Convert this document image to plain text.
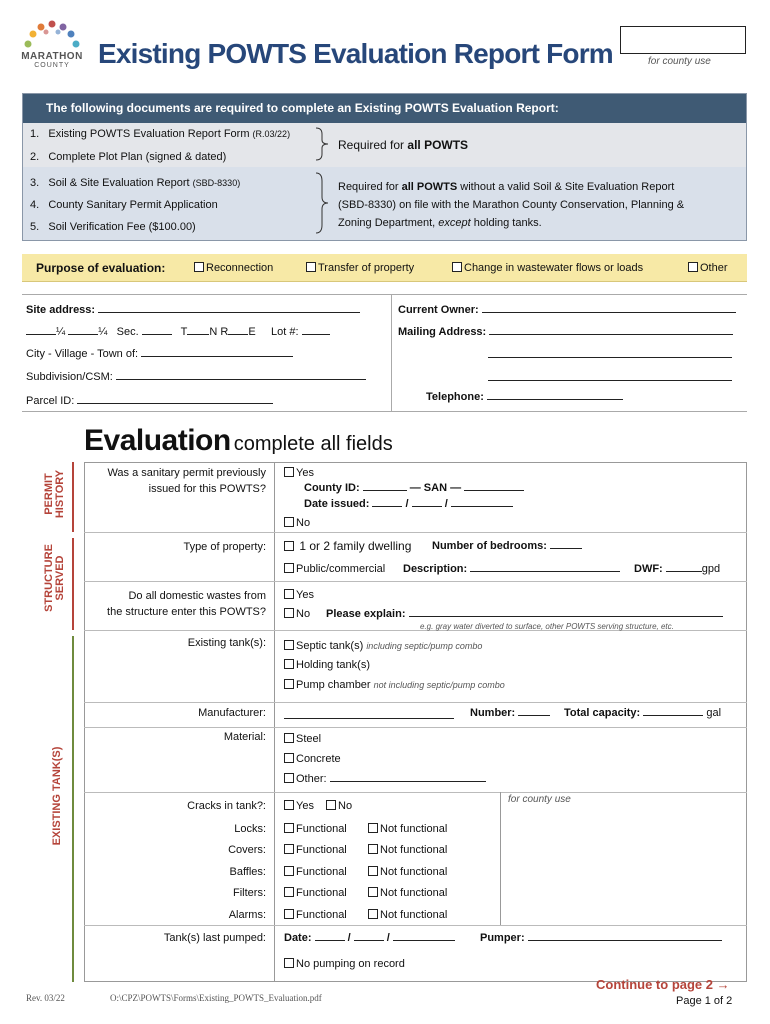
MARATHON
COUNTY	Existing POWTS Evaluation Report Form	for county use
The following documents are required to complete an Existing POWTS Evaluation Report:
1. Existing POWTS Evaluation Report Form (R.03/22)
2. Complete Plot Plan (signed & dated)
3. Soil & Site Evaluation Report (SBD-8330)
4. County Sanitary Permit Application
5. Soil Verification Fee ($100.00)
Required for all POWTS
Required for all POWTS without a valid Soil & Site Evaluation Report
(SBD-8330) on file with the Marathon County Conservation, Planning &
Zoning Department, except holding tanks.
Purpose of evaluation:	Reconnection	Transfer of property	Change in wastewater flows or loads	Other
Site address:
¼	¼ Sec.	T N R E Lot #:
City - Village - Town of:
Subdivision/CSM:
Parcel ID:
Current Owner:
Mailing Address:
Telephone:
Evaluation complete all fields
PERMIT
HISTORY
STRUCTURE
SERVED
EXISTING TANK(S)
Was a sanitary permit previously
issued for this POWTS?
Yes
County ID:	— SAN —
Date issued:	/	/
No
Type of property:	1 or 2 family dwelling Number of bedrooms:
Public/commercial Description:	DWF:	gpd
Do all domestic wastes from
the structure enter this POWTS?
Yes
No Please explain:
e.g. gray water diverted to surface, other POWTS serving structure, etc.
Existing tank(s):	Septic tank(s) including septic/pump combo
Holding tank(s)
Pump chamber not including septic/pump combo
Manufacturer:	Number:	Total capacity:	gal
Material:	Steel
Concrete
Other:
for county use
Cracks in tank?:	Yes	No
Locks:	Functional	Not functional
Covers:	Functional	Not functional
Baffles:	Functional	Not functional
Filters:	Functional	Not functional
Alarms:	Functional	Not functional
Tank(s) last pumped: Date:	/	/	Pumper:
No pumping on record
Rev. 03/22	O:\CPZ\POWTS\Forms\Existing_POWTS_Evaluation.pdf
Continue to page 2 →
Page 1 of 2
